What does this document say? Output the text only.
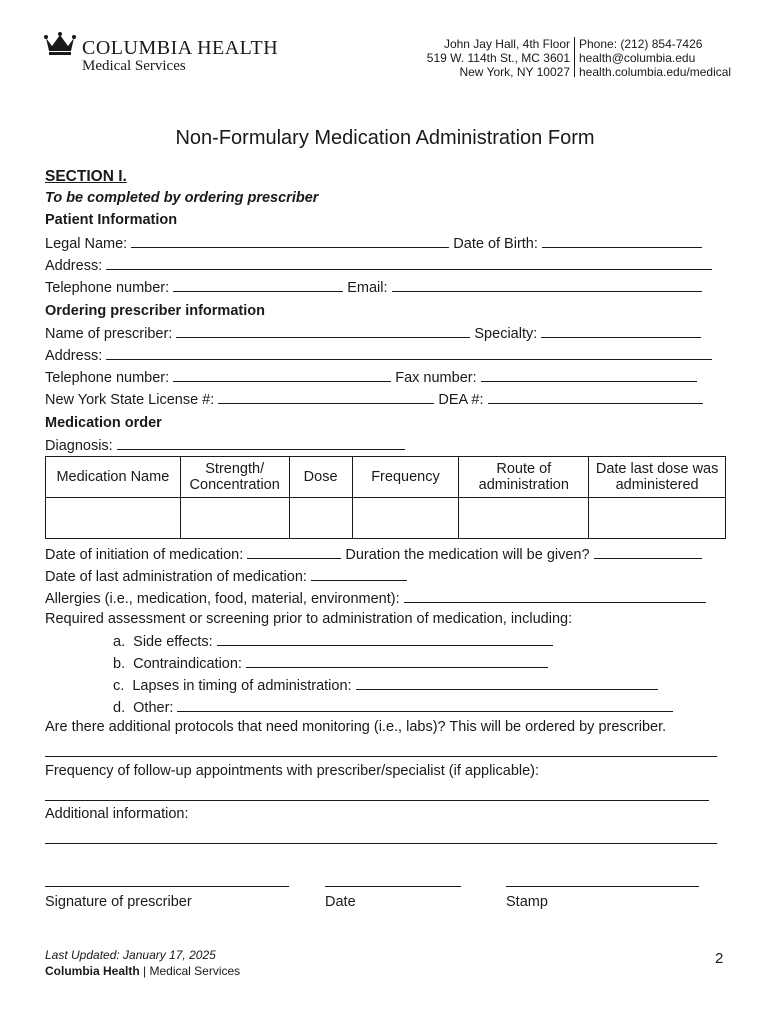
COLUMBIA HEALTH
Medical Services
John Jay Hall, 4th Floor
519 W. 114th St., MC 3601
New York, NY 10027
Phone: (212) 854-7426
health@columbia.edu
health.columbia.edu/medical
Non-Formulary Medication Administration Form
SECTION I.
To be completed by ordering prescriber
Patient Information
Legal Name:	Date of Birth:
Address:
Telephone number:	Email:
Ordering prescriber information
Name of prescriber:	Specialty:
Address:
Telephone number:	Fax number:
New York State License #:	DEA #:
Medication order
Diagnosis:
Medication Name	Strength/ Concentration	Dose	Frequency	Route of administration	Date last dose was administered

Date of initiation of medication:	Duration the medication will be given?
Date of last administration of medication:
Allergies (i.e., medication, food, material, environment):
Required assessment or screening prior to administration of medication, including:
a.  Side effects:
b.  Contraindication:
c.  Lapses in timing of administration:
d.  Other:
Are there additional protocols that need monitoring (i.e., labs)? This will be ordered by prescriber.
Frequency of follow-up appointments with prescriber/specialist (if applicable):
Additional information:
Signature of prescriber	Date	Stamp
Last Updated: January 17, 2025
Columbia Health | Medical Services
2
